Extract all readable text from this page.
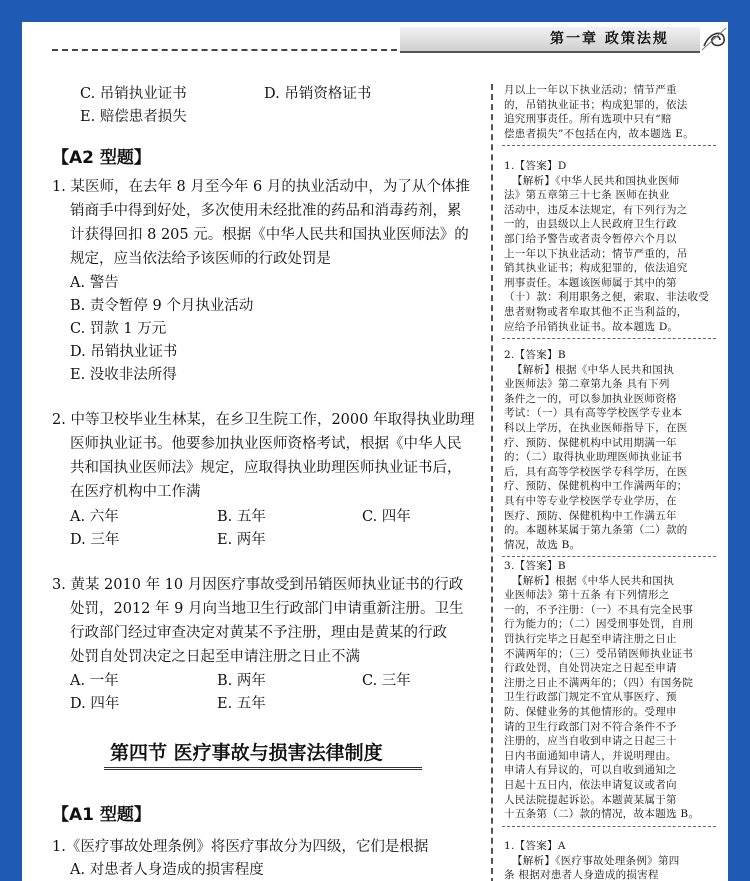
第一章 政策法规
C. 吊销执业证书	D. 吊销资格证书
E. 赔偿患者损失
【A2 型题】
1. 某医师，在去年 8 月至今年 6 月的执业活动中，为了从个体推
销商手中得到好处，多次使用未经批准的药品和消毒药剂，累
计获得回扣 8 205 元。根据《中华人民共和国执业医师法》的
规定，应当依法给予该医师的行政处罚是
A. 警告
B. 责令暂停 9 个月执业活动
C. 罚款 1 万元
D. 吊销执业证书
E. 没收非法所得
2. 中等卫校毕业生林某，在乡卫生院工作，2000 年取得执业助理
医师执业证书。他要参加执业医师资格考试，根据《中华人民
共和国执业医师法》规定，应取得执业助理医师执业证书后，
在医疗机构中工作满
A. 六年	B. 五年	C. 四年
D. 三年	E. 两年
3. 黄某 2010 年 10 月因医疗事故受到吊销医师执业证书的行政
处罚，2012 年 9 月向当地卫生行政部门申请重新注册。卫生
行政部门经过审查决定对黄某不予注册，理由是黄某的行政
处罚自处罚决定之日起至申请注册之日止不满
A. 一年	B. 两年	C. 三年
D. 四年	E. 五年
第四节 医疗事故与损害法律制度
【A1 型题】
1.《医疗事故处理条例》将医疗事故分为四级，它们是根据
A. 对患者人身造成的损害程度
月以上一年以下执业活动；情节严重
的，吊销执业证书；构成犯罪的，依法
追究刑事责任。所有选项中只有“赔
偿患者损失”不包括在内，故本题选 E。
1.【答案】D
【解析】《中华人民共和国执业医师
法》第五章第三十七条 医师在执业
活动中，违反本法规定，有下列行为之
一的，由县级以上人民政府卫生行政
部门给予警告或者责令暂停六个月以
上一年以下执业活动；情节严重的，吊
销其执业证书；构成犯罪的，依法追究
刑事责任。本题该医师属于其中的第
（十）款：利用职务之便，索取、非法收受
患者财物或者牟取其他不正当利益的，
应给予吊销执业证书。故本题选 D。
2.【答案】B
【解析】根据《中华人民共和国执
业医师法》第二章第九条 具有下列
条件之一的，可以参加执业医师资格
考试：（一）具有高等学校医学专业本
科以上学历，在执业医师指导下，在医
疗、预防、保健机构中试用期满一年
的；（二）取得执业助理医师执业证书
后，具有高等学校医学专科学历，在医
疗、预防、保健机构中工作满两年的；
具有中等专业学校医学专业学历，在
医疗、预防、保健机构中工作满五年
的。本题林某属于第九条第（二）款的
情况，故选 B。
3.【答案】B
【解析】根据《中华人民共和国执
业医师法》第十五条 有下列情形之
一的，不予注册：（一）不具有完全民事
行为能力的；（二）因受刑事处罚，自刑
罚执行完毕之日起至申请注册之日止
不满两年的；（三）受吊销医师执业证书
行政处罚，自处罚决定之日起至申请
注册之日止不满两年的；（四）有国务院
卫生行政部门规定不宜从事医疗、预
防、保健业务的其他情形的。受理申
请的卫生行政部门对不符合条件不予
注册的，应当自收到申请之日起三十
日内书面通知申请人，并说明理由。
申请人有异议的，可以自收到通知之
日起十五日内，依法申请复议或者向
人民法院提起诉讼。本题黄某属于第
十五条第（二）款的情况，故本题选 B。
1.【答案】A
【解析】《医疗事故处理条例》第四
条 根据对患者人身造成的损害程
